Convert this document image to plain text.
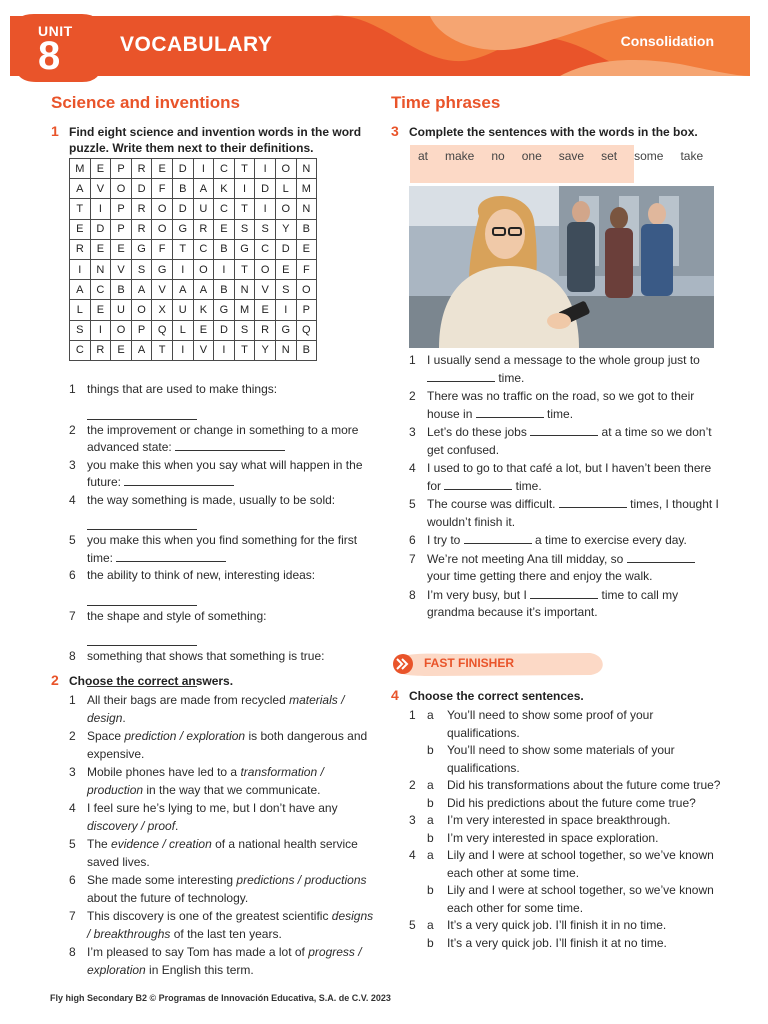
UNIT
8	VOCABULARY	Consolidation
Science and inventions
1 Find eight science and invention words in the word puzzle. Write them next to their definitions.
M	E	P	R	E	D	I	C	T	I	O	N
A	V	O	D	F	B	A	K	I	D	L	M
T	I	P	R	O	D	U	C	T	I	O	N
E	D	P	R	O	G	R	E	S	S	Y	B
R	E	E	G	F	T	C	B	G	C	D	E
I	N	V	S	G	I	O	I	T	O	E	F
A	C	B	A	V	A	A	B	N	V	S	O
L	E	U	O	X	U	K	G	M	E	I	P
S	I	O	P	Q	L	E	D	S	R	G	Q
C	R	E	A	T	I	V	I	T	Y	N	B
1 things that are used to make things:
2 the improvement or change in something to a more advanced state:
3 you make this when you say what will happen in the future:
4 the way something is made, usually to be sold:
5 you make this when you find something for the first time:
6 the ability to think of new, interesting ideas:
7 the shape and style of something:
8 something that shows that something is true:
2 Choose the correct answers.
1 All their bags are made from recycled materials / design.
2 Space prediction / exploration is both dangerous and expensive.
3 Mobile phones have led to a transformation / production in the way that we communicate.
4 I feel sure he’s lying to me, but I don’t have any discovery / proof.
5 The evidence / creation of a national health service saved lives.
6 She made some interesting predictions / productions about the future of technology.
7 This discovery is one of the greatest scientific designs / breakthroughs of the last ten years.
8 I’m pleased to say Tom has made a lot of progress / exploration in English this term.
Time phrases
3 Complete the sentences with the words in the box.
at make no one save set some take
1 I usually send a message to the whole group just to  time.
2 There was no traffic on the road, so we got to their house in	time.
3 Let’s do these jobs	at a time so we don’t get confused.
4 I used to go to that café a lot, but I haven’t been there for	time.
5 The course was difficult.	times, I thought I wouldn’t finish it.
6 I try to	a time to exercise every day.
7 We’re not meeting Ana till midday, so  your time getting there and enjoy the walk.
8 I’m very busy, but I	time to call my grandma because it’s important.
FAST FINISHER
4 Choose the correct sentences.
1 a You’ll need to show some proof of your qualifications.
b You’ll need to show some materials of your qualifications.
2 a Did his transformations about the future come true?
b Did his predictions about the future come true?
3 a I’m very interested in space breakthrough.
b I’m very interested in space exploration.
4 a Lily and I were at school together, so we’ve known each other at some time.
b Lily and I were at school together, so we’ve known each other for some time.
5 a It’s a very quick job. I’ll finish it in no time.
b It’s a very quick job. I’ll finish it at no time.
Fly high Secondary B2 © Programas de Innovación Educativa, S.A. de C.V. 2023
